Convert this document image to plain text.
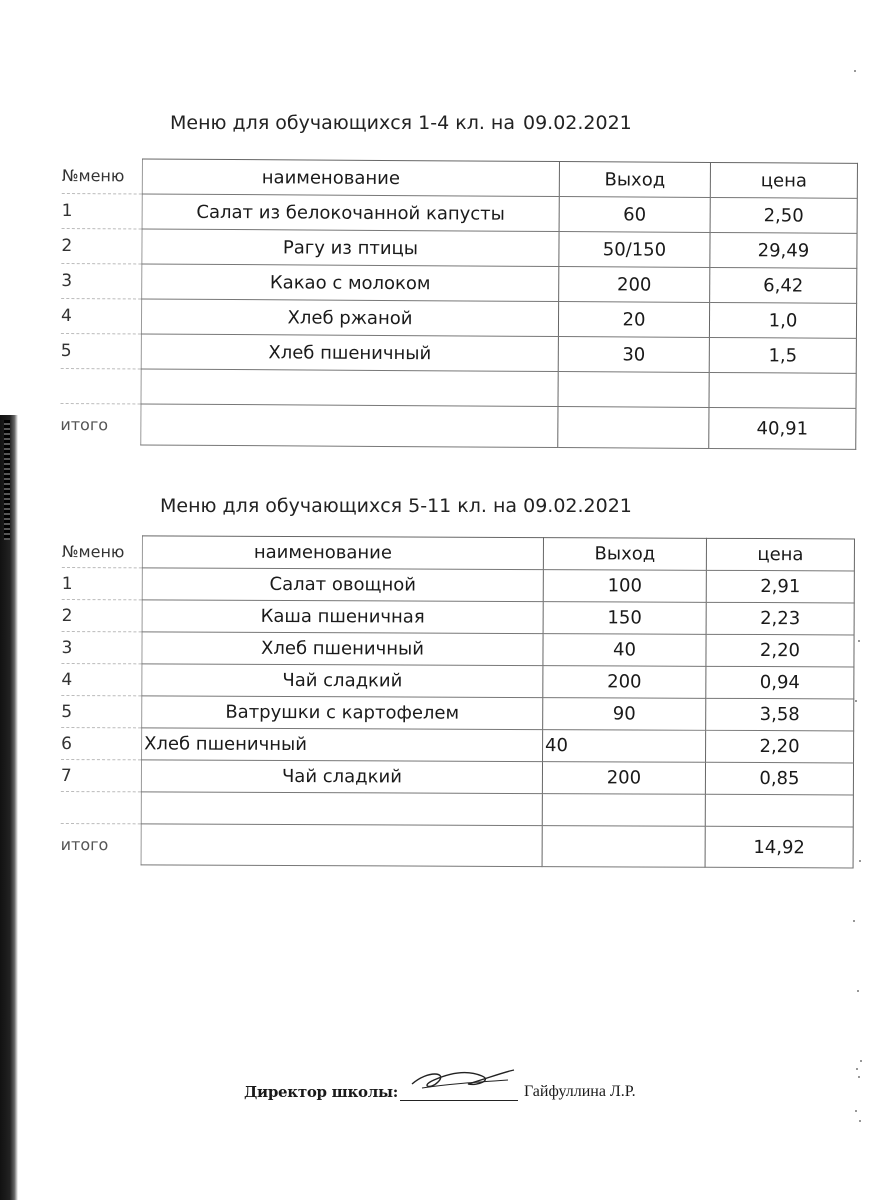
Меню для обучающихся 1-4 кл. на 09.02.2021
№меню	наименование	Выход	цена
1	Салат из белокочанной капусты	60	2,50
2	Рагу из птицы	50/150	29,49
3	Какао с молоком	200	6,42
4	Хлеб ржаной	20	1,0
5	Хлеб пшеничный	30	1,5

итого			40,91
Меню для обучающихся 5-11 кл. на 09.02.2021
№меню	наименование	Выход	цена
1	Салат овощной	100	2,91
2	Каша пшеничная	150	2,23
3	Хлеб пшеничный	40	2,20
4	Чай сладкий	200	0,94
5	Ватрушки с картофелем	90	3,58
6	Хлеб пшеничный	40	2,20
7	Чай сладкий	200	0,85

итого			14,92
Директор школы:	Гайфуллина Л.Р.
